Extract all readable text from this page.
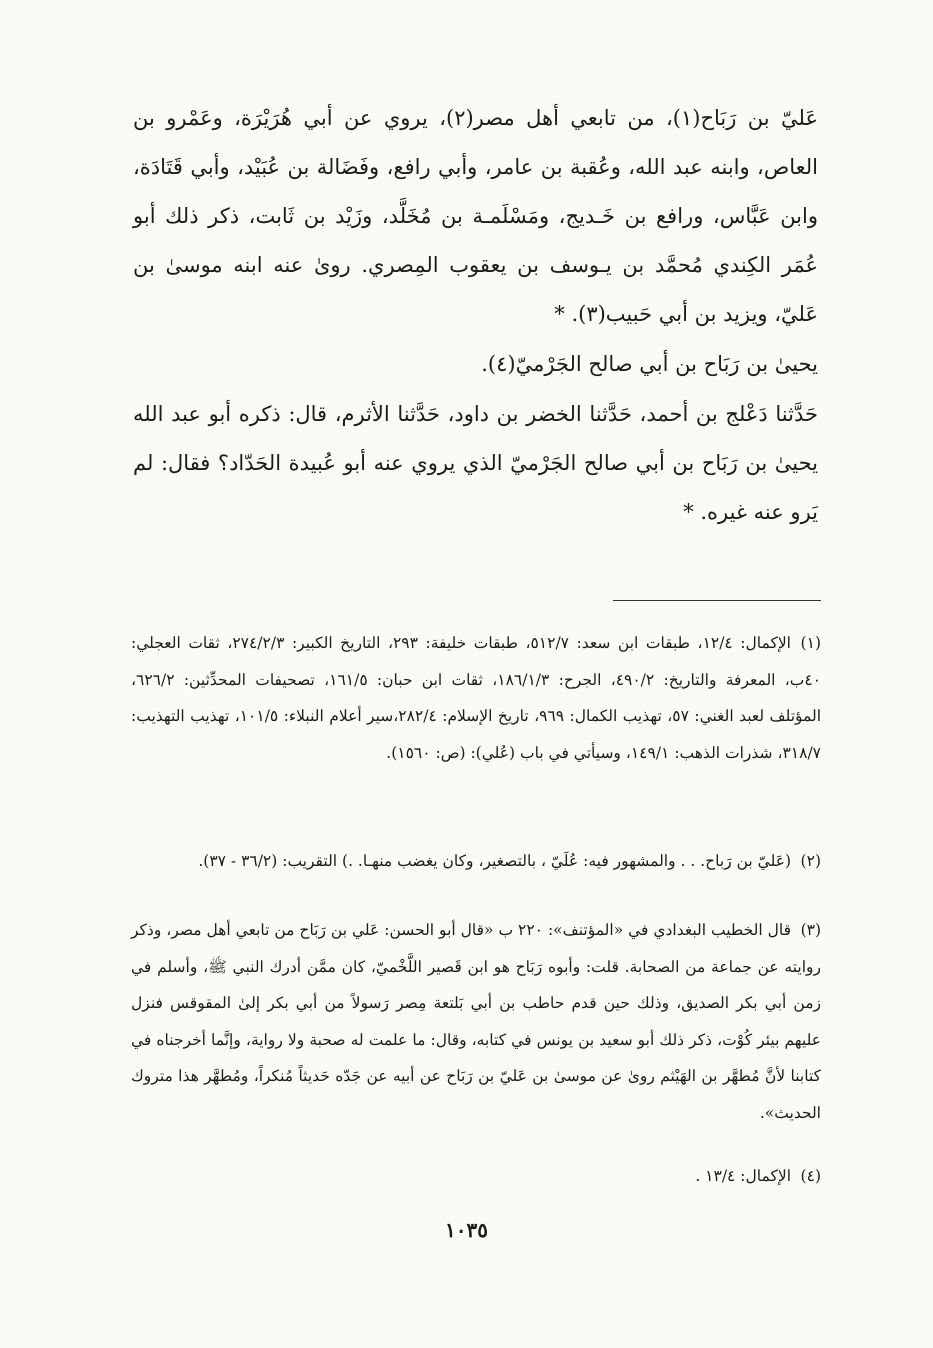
عَليّ بن رَبَاح(١)، من تابعي أهل مصر(٢)، يروي عن أبي هُرَيْرَة، وعَمْرو بن العاص، وابنه عبد الله، وعُقبة بن عامر، وأبي رافع، وفَضَالة بن عُبَيْد، وأبي قَتَادَة، وابن عَبَّاس، ورافع بن خَـديج، ومَسْلَمـة بن مُخَلَّد، وزَيْد بن ثَابت، ذكر ذلك أبو عُمَر الكِندي مُحمَّد بن يـوسف بن يعقوب المِصري. روىٰ عنه ابنه موسىٰ بن عَليّ، ويزيد بن أبي حَبيب(٣). *

يحيىٰ بن رَبَاح بن أبي صالح الجَرْميّ(٤).

حَدَّثنا دَعْلج بن أحمد، حَدَّثنا الخضر بن داود، حَدَّثنا الأثرم، قال: ذكره أبو عبد الله يحيىٰ بن رَبَاح بن أبي صالح الجَرْميّ الذي يروي عنه أبو عُبيدة الحَدّاد؟ فقال: لم يَرو عنه غيره. *

(١)الإكمال: ١٢/٤، طبقات ابن سعد: ٥١٢/٧، طبقات خليفة: ٢٩٣، التاريخ الكبير: ٢٧٤/٢/٣، ثقات العجلي: ٤٠ب، المعرفة والتاريخ: ٤٩٠/٢، الجرح: ١٨٦/١/٣، ثقات ابن حبان: ١٦١/٥، تصحيفات المحدِّثين: ٦٢٦/٢، المؤتلف لعبد الغني: ٥٧، تهذيب الكمال: ٩٦٩، تاريخ الإسلام: ٢٨٢/٤،سير أعلام النبلاء: ١٠١/٥، تهذيب التهذيب: ٣١٨/٧، شذرات الذهب: ١٤٩/١، وسيأتي في باب (عُلي): (ص: ١٥٦٠).

(٢)(عَليّ بن رَباح. . . والمشهور فيه: عُلَيّ ، بالتصغير، وكان يغضب منهـا. .) التقريب: (٣٦/٢ - ٣٧).

(٣)قال الخطيب البغدادي في «المؤتنف»: ٢٢٠ ب «قال أبو الحسن: عَلي بن رَبَاح من تابعي أهل مصر، وذكر روايته عن جماعة من الصحابة. قلت: وأبوه رَبَاح هو ابن قَصير اللَّخْميّ، كان ممَّن أدرك النبي ﷺ، وأسلم في زمن أبي بكر الصديق، وذلك حين قدم حاطب بن أبي بَلتعة مِصر رَسولاً من أبي بكر إلىٰ المقوقس فنزل عليهم بيئر كُوْت، ذكر ذلك أبو سعيد بن يونس في كتابه، وقال: ما علمت له صحبة ولا رواية، وإنَّما أخرجناه في كتابنا لأنَّ مُطهَّر بن الهَيْثم روىٰ عن موسىٰ بن عَليّ بن رَبَاح عن أبيه عن جَدّه حَديثاً مُنكراً، ومُطهَّر هذا متروك الحديث».

(٤)الإكمال: ١٣/٤ .

١٠٣٥
